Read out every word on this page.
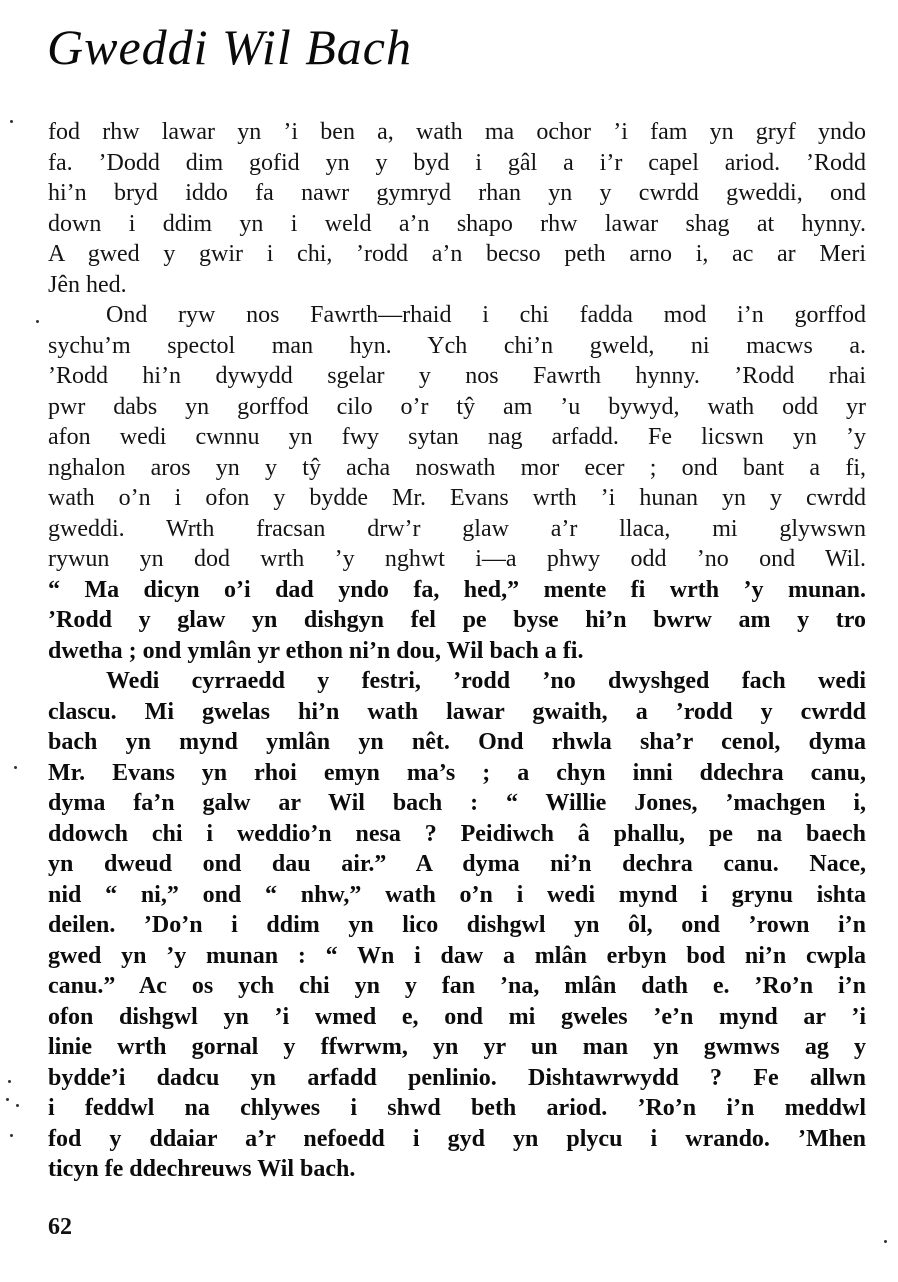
Gweddi Wil Bach
fod rhw lawar yn ’i ben a, wath ma ochor ’i fam yn gryf yndo
fa. ’Dodd dim gofid yn y byd i gâl a i’r capel ariod. ’Rodd
hi’n bryd iddo fa nawr gymryd rhan yn y cwrdd gweddi, ond
down i ddim yn i weld a’n shapo rhw lawar shag at hynny.
A gwed y gwir i chi, ’rodd a’n becso peth arno i, ac ar Meri
Jên hed.
Ond ryw nos Fawrth—rhaid i chi fadda mod i’n gorffod
sychu’m spectol man hyn. Ych chi’n gweld, ni macws a.
’Rodd hi’n dywydd sgelar y nos Fawrth hynny. ’Rodd rhai
pwr dabs yn gorffod cilo o’r tŷ am ’u bywyd, wath odd yr
afon wedi cwnnu yn fwy sytan nag arfadd. Fe licswn yn ’y
nghalon aros yn y tŷ acha noswath mor ecer ; ond bant a fi,
wath o’n i ofon y bydde Mr. Evans wrth ’i hunan yn y cwrdd
gweddi. Wrth fracsan drw’r glaw a’r llaca, mi glywswn
rywun yn dod wrth ’y nghwt i—a phwy odd ’no ond Wil.
“ Ma dicyn o’i dad yndo fa, hed,” mente fi wrth ’y munan.
’Rodd y glaw yn dishgyn fel pe byse hi’n bwrw am y tro
dwetha ; ond ymlân yr ethon ni’n dou, Wil bach a fi.
Wedi cyrraedd y festri, ’rodd ’no dwyshged fach wedi
clascu. Mi gwelas hi’n wath lawar gwaith, a ’rodd y cwrdd
bach yn mynd ymlân yn nêt. Ond rhwla sha’r cenol, dyma
Mr. Evans yn rhoi emyn ma’s ; a chyn inni ddechra canu,
dyma fa’n galw ar Wil bach : “ Willie Jones, ’machgen i,
ddowch chi i weddio’n nesa ? Peidiwch â phallu, pe na baech
yn dweud ond dau air.” A dyma ni’n dechra canu. Nace,
nid “ ni,” ond “ nhw,” wath o’n i wedi mynd i grynu ishta
deilen. ’Do’n i ddim yn lico dishgwl yn ôl, ond ’rown i’n
gwed yn ’y munan : “ Wn i daw a mlân erbyn bod ni’n cwpla
canu.” Ac os ych chi yn y fan ’na, mlân dath e. ’Ro’n i’n
ofon dishgwl yn ’i wmed e, ond mi gweles ’e’n mynd ar ’i
linie wrth gornal y ffwrwm, yn yr un man yn gwmws ag y
bydde’i dadcu yn arfadd penlinio. Dishtawrwydd ? Fe allwn
i feddwl na chlywes i shwd beth ariod. ’Ro’n i’n meddwl
fod y ddaiar a’r nefoedd i gyd yn plycu i wrando. ’Mhen
ticyn fe ddechreuws Wil bach.
62
